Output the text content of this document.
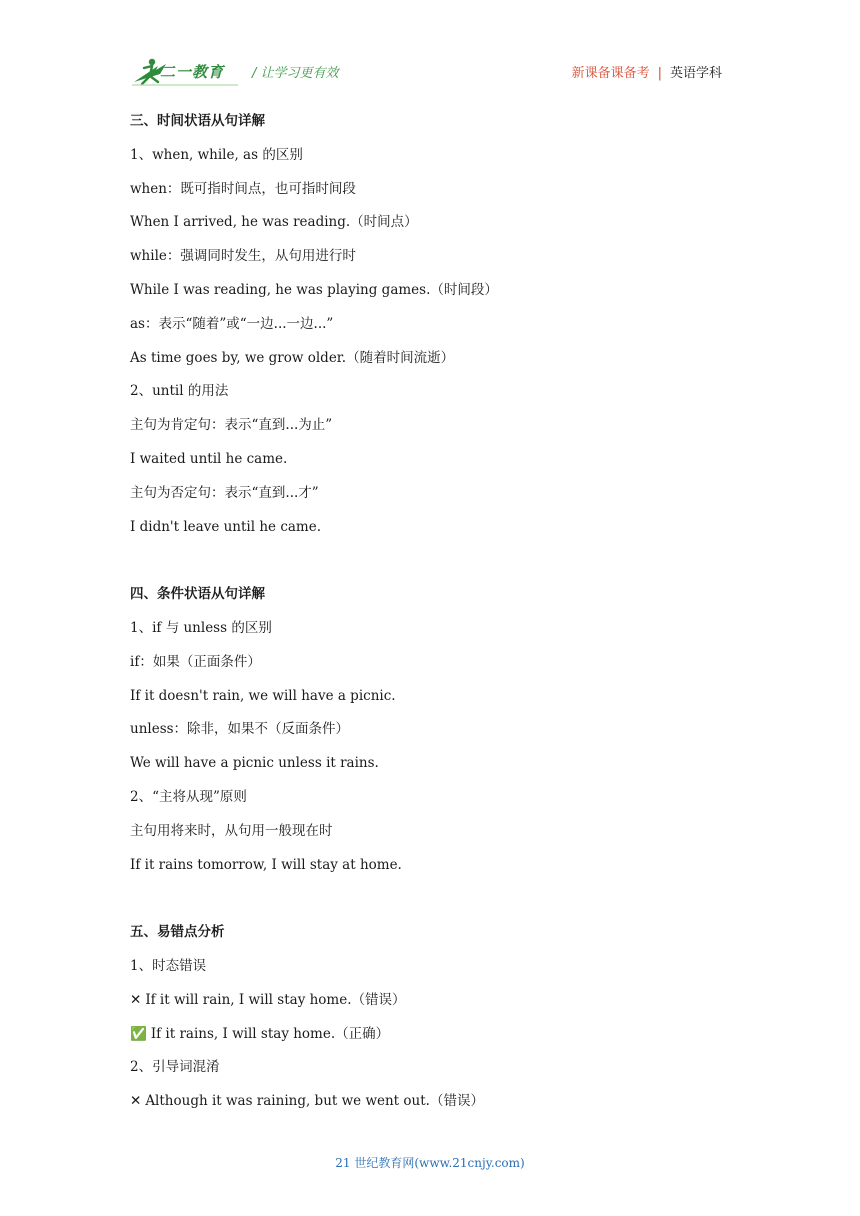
二一教育 / 让学习更有效	新课备课备考 | 英语学科
三、时间状语从句详解
1、when, while, as 的区别
when：既可指时间点，也可指时间段
When I arrived, he was reading.（时间点）
while：强调同时发生，从句用进行时
While I was reading, he was playing games.（时间段）
as：表示“随着”或“一边...一边...”
As time goes by, we grow older.（随着时间流逝）
2、until 的用法
主句为肯定句：表示“直到...为止”
I waited until he came.
主句为否定句：表示“直到...才”
I didn't leave until he came.
四、条件状语从句详解
1、if 与 unless 的区别
if：如果（正面条件）
If it doesn't rain, we will have a picnic.
unless：除非，如果不（反面条件）
We will have a picnic unless it rains.
2、“主将从现”原则
主句用将来时，从句用一般现在时
If it rains tomorrow, I will stay at home.
五、易错点分析
1、时态错误
✕ If it will rain, I will stay home.（错误）
✅ If it rains, I will stay home.（正确）
2、引导词混淆
✕ Although it was raining, but we went out.（错误）
21 世纪教育网(www.21cnjy.com)
